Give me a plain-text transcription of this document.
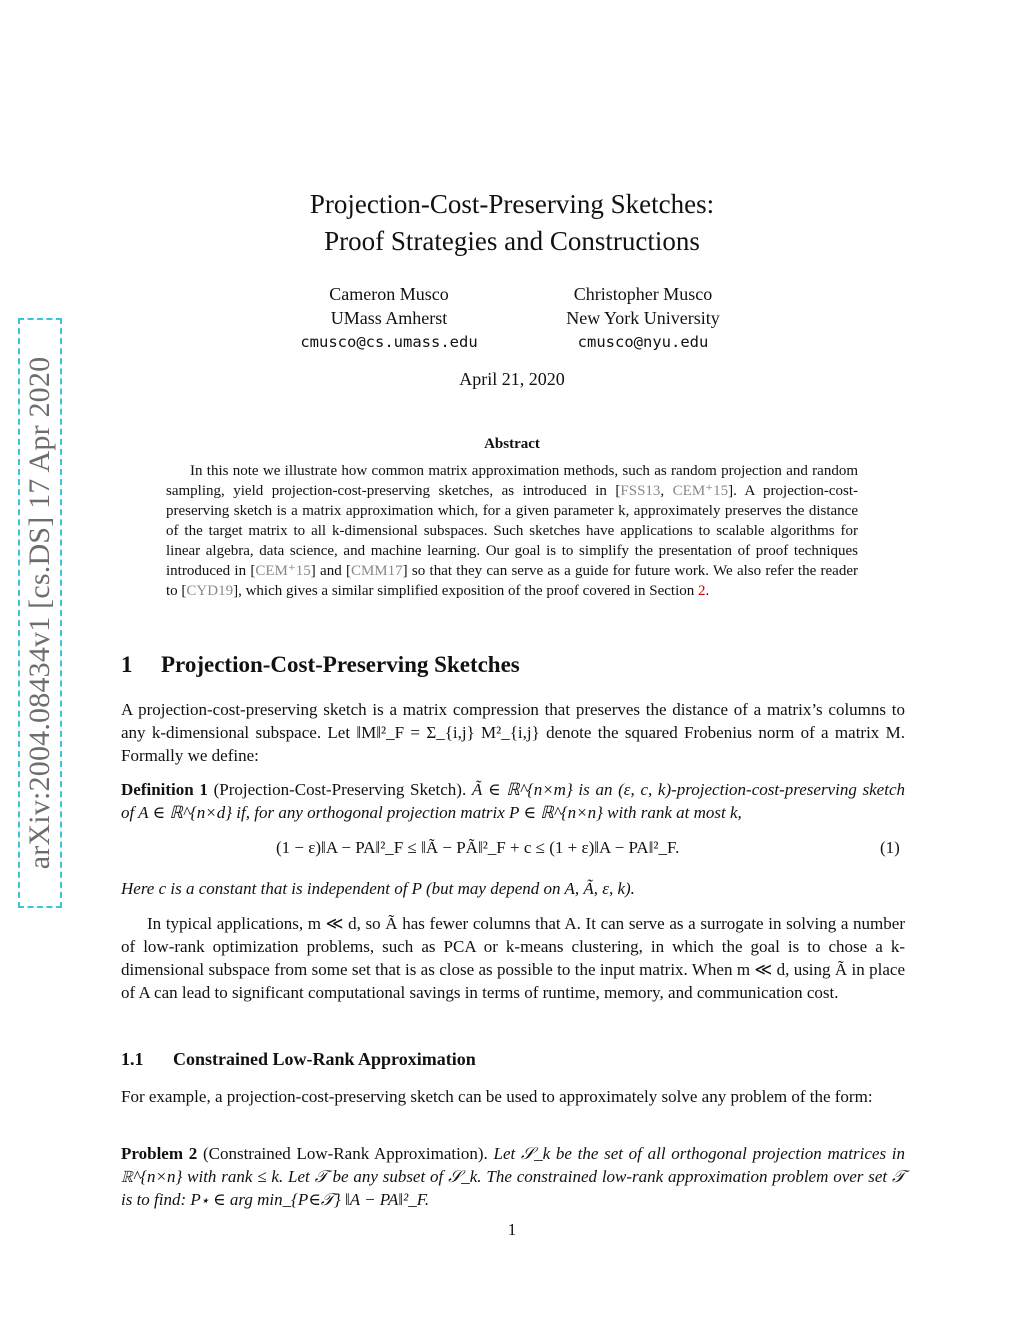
arXiv:2004.08434v1 [cs.DS] 17 Apr 2020
Projection-Cost-Preserving Sketches:
Proof Strategies and Constructions
Cameron Musco
UMass Amherst
cmusco@cs.umass.edu
Christopher Musco
New York University
cmusco@nyu.edu
April 21, 2020
Abstract
In this note we illustrate how common matrix approximation methods, such as random projection and random sampling, yield projection-cost-preserving sketches, as introduced in [FSS13, CEM⁺15]. A projection-cost-preserving sketch is a matrix approximation which, for a given parameter k, approximately preserves the distance of the target matrix to all k-dimensional subspaces. Such sketches have applications to scalable algorithms for linear algebra, data science, and machine learning. Our goal is to simplify the presentation of proof techniques introduced in [CEM⁺15] and [CMM17] so that they can serve as a guide for future work. We also refer the reader to [CYD19], which gives a similar simplified exposition of the proof covered in Section 2.
1 Projection-Cost-Preserving Sketches
A projection-cost-preserving sketch is a matrix compression that preserves the distance of a matrix’s columns to any k-dimensional subspace. Let ‖M‖²_F = Σ_{i,j} M²_{i,j} denote the squared Frobenius norm of a matrix M. Formally we define:
Definition 1 (Projection-Cost-Preserving Sketch). Ã ∈ ℝ^{n×m} is an (ε, c, k)-projection-cost-preserving sketch of A ∈ ℝ^{n×d} if, for any orthogonal projection matrix P ∈ ℝ^{n×n} with rank at most k,
(1 − ε)‖A − PA‖²_F ≤ ‖Ã − PÃ‖²_F + c ≤ (1 + ε)‖A − PA‖²_F.	(1)
Here c is a constant that is independent of P (but may depend on A, Ã, ε, k).
In typical applications, m ≪ d, so Ã has fewer columns that A. It can serve as a surrogate in solving a number of low-rank optimization problems, such as PCA or k-means clustering, in which the goal is to chose a k-dimensional subspace from some set that is as close as possible to the input matrix. When m ≪ d, using Ã in place of A can lead to significant computational savings in terms of runtime, memory, and communication cost.
1.1 Constrained Low-Rank Approximation
For example, a projection-cost-preserving sketch can be used to approximately solve any problem of the form:
Problem 2 (Constrained Low-Rank Approximation). Let 𝒮_k be the set of all orthogonal projection matrices in ℝ^{n×n} with rank ≤ k. Let 𝒯 be any subset of 𝒮_k. The constrained low-rank approximation problem over set 𝒯 is to find: P⋆ ∈ arg min_{P∈𝒯} ‖A − PA‖²_F.
1
